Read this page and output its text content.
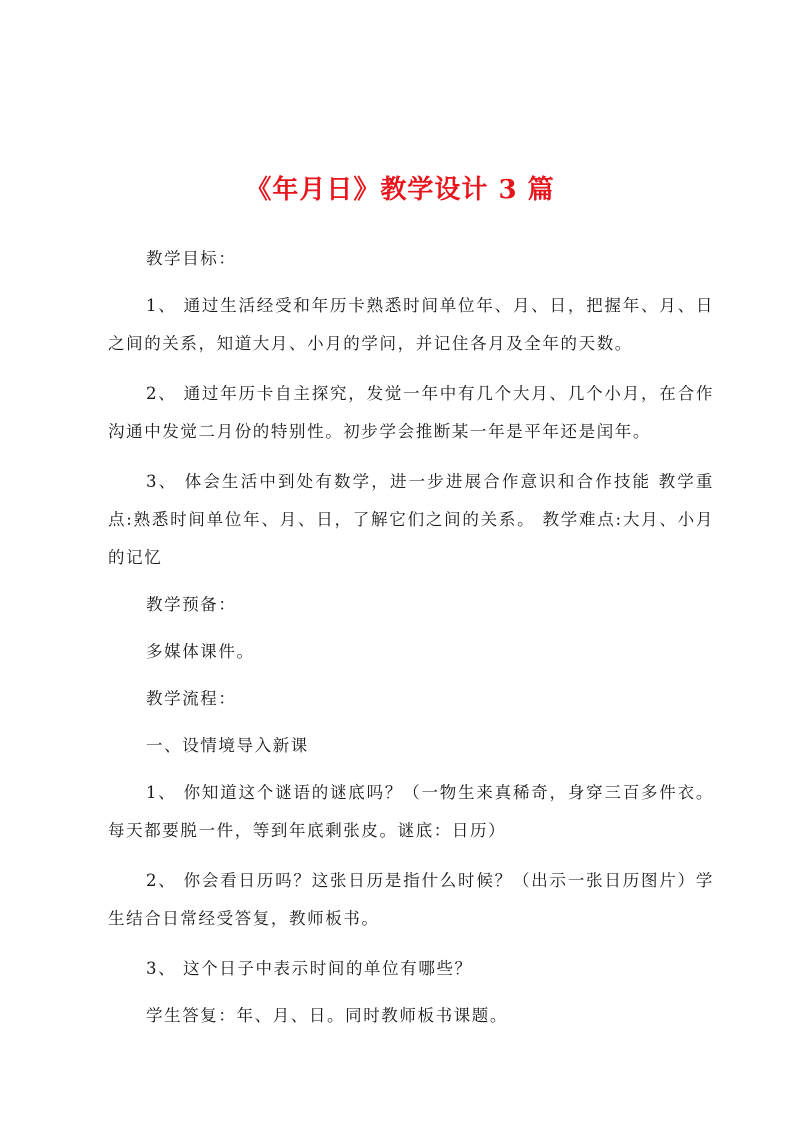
《年月日》教学设计 3 篇

教学目标：

1、 通过生活经受和年历卡熟悉时间单位年、月、日，把握年、月、日之间的关系，知道大月、小月的学问，并记住各月及全年的天数。

2、 通过年历卡自主探究，发觉一年中有几个大月、几个小月，在合作沟通中发觉二月份的特别性。初步学会推断某一年是平年还是闰年。

3、 体会生活中到处有数学，进一步进展合作意识和合作技能 教学重点:熟悉时间单位年、月、日，了解它们之间的关系。 教学难点:大月、小月的记忆

教学预备：

多媒体课件。

教学流程：

一、设情境导入新课

1、 你知道这个谜语的谜底吗？（一物生来真稀奇，身穿三百多件衣。每天都要脱一件，等到年底剩张皮。谜底：日历）

2、 你会看日历吗？这张日历是指什么时候？（出示一张日历图片）学生结合日常经受答复，教师板书。

3、 这个日子中表示时间的单位有哪些？

学生答复：年、月、日。同时教师板书课题。
